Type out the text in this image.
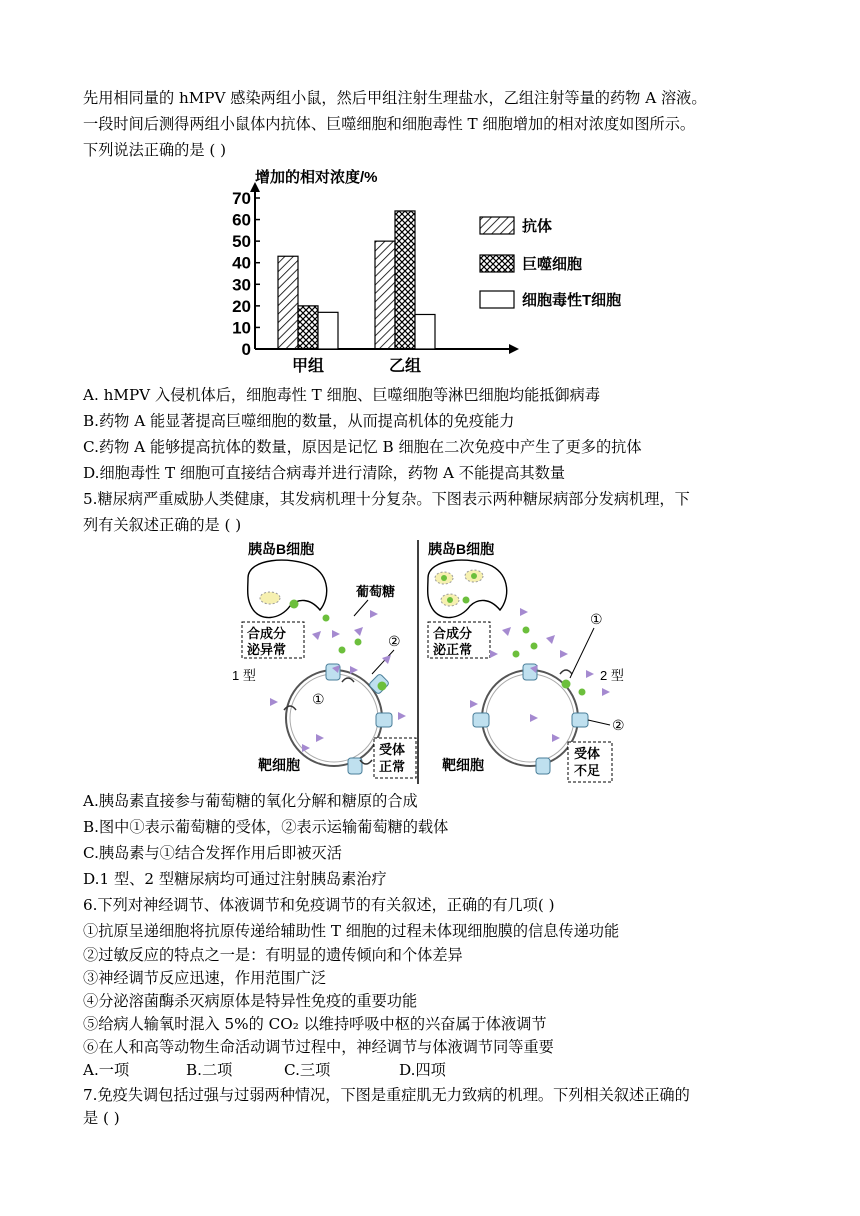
先用相同量的 hMPV 感染两组小鼠，然后甲组注射生理盐水，乙组注射等量的药物 A 溶液。
一段时间后测得两组小鼠体内抗体、巨噬细胞和细胞毒性 T 细胞增加的相对浓度如图所示。
下列说法正确的是 ( )
增加的相对浓度/%
0
10
20
30
40
50
60
70
甲组	乙组
抗体
巨噬细胞
细胞毒性T细胞
A. hMPV 入侵机体后，细胞毒性 T 细胞、巨噬细胞等淋巴细胞均能抵御病毒
B.药物 A 能显著提高巨噬细胞的数量，从而提高机体的免疫能力
C.药物 A 能够提高抗体的数量，原因是记忆 B 细胞在二次免疫中产生了更多的抗体
D.细胞毒性 T 细胞可直接结合病毒并进行清除，药物 A 不能提高其数量
5.糖尿病严重威胁人类健康，其发病机理十分复杂。下图表示两种糖尿病部分发病机理，下
列有关叙述正确的是 ( )
胰岛B细胞
葡萄糖
合成分
泌异常
1 型
①
②
受体
正常
靶细胞
胰岛B细胞
合成分
泌正常
2 型
①
②
受体
不足
靶细胞
A.胰岛素直接参与葡萄糖的氧化分解和糖原的合成
B.图中①表示葡萄糖的受体，②表示运输葡萄糖的载体
C.胰岛素与①结合发挥作用后即被灭活
D.1 型、2 型糖尿病均可通过注射胰岛素治疗
6.下列对神经调节、体液调节和免疫调节的有关叙述，正确的有几项( )
①抗原呈递细胞将抗原传递给辅助性 T 细胞的过程未体现细胞膜的信息传递功能
②过敏反应的特点之一是：有明显的遗传倾向和个体差异
③神经调节反应迅速，作用范围广泛
④分泌溶菌酶杀灭病原体是特异性免疫的重要功能
⑤给病人输氧时混入 5%的 CO₂ 以维持呼吸中枢的兴奋属于体液调节
⑥在人和高等动物生命活动调节过程中，神经调节与体液调节同等重要
A.一项	B.二项	C.三项	D.四项
7.免疫失调包括过强与过弱两种情况，下图是重症肌无力致病的机理。下列相关叙述正确的
是 ( )
